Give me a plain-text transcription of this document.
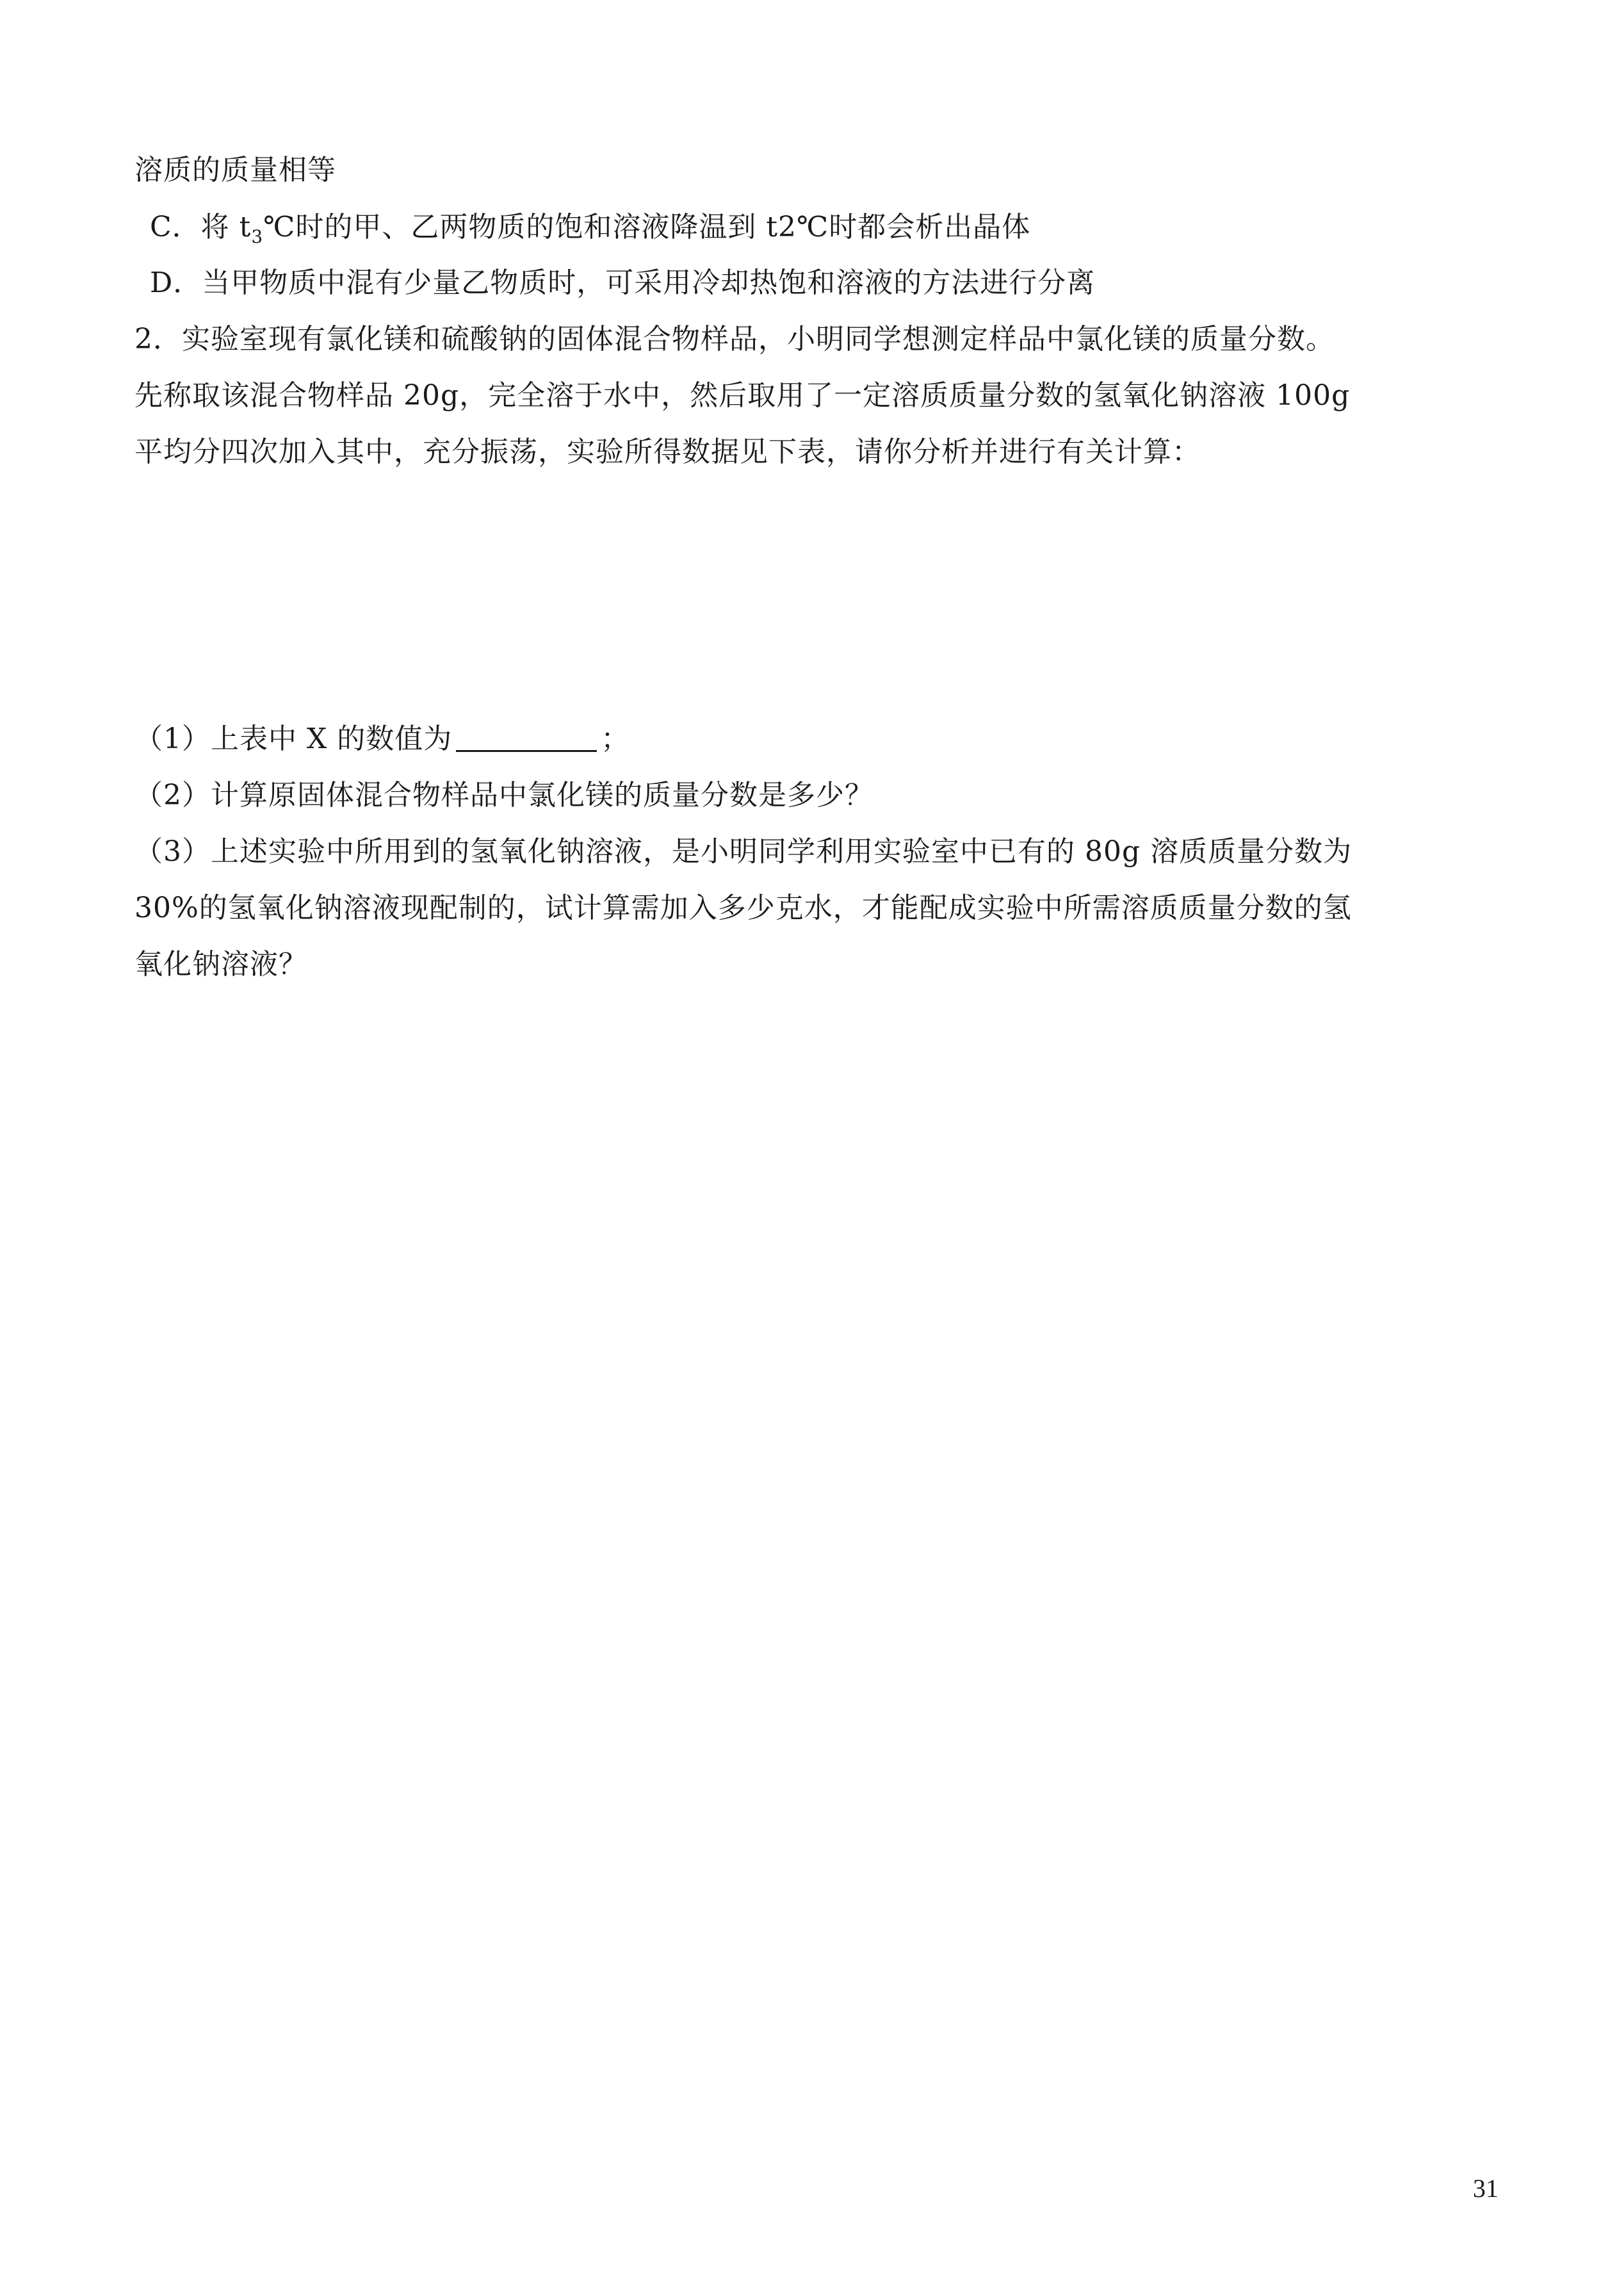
溶质的质量相等
C．将 $t_3℃$时的甲、乙两物质的饱和溶液降温到 t2℃时都会析出晶体
D．当甲物质中混有少量乙物质时，可采用冷却热饱和溶液的方法进行分离
2．实验室现有氯化镁和硫酸钠的固体混合物样品，小明同学想测定样品中氯化镁的质量分数。
先称取该混合物样品 20g，完全溶于水中，然后取用了一定溶质质量分数的氢氧化钠溶液 100g
平均分四次加入其中，充分振荡，实验所得数据见下表，请你分析并进行有关计算：
（1）上表中 X 的数值为	；
（2）计算原固体混合物样品中氯化镁的质量分数是多少？
（3）上述实验中所用到的氢氧化钠溶液，是小明同学利用实验室中已有的 80g 溶质质量分数为
30%的氢氧化钠溶液现配制的，试计算需加入多少克水，才能配成实验中所需溶质质量分数的氢
氧化钠溶液？
31
